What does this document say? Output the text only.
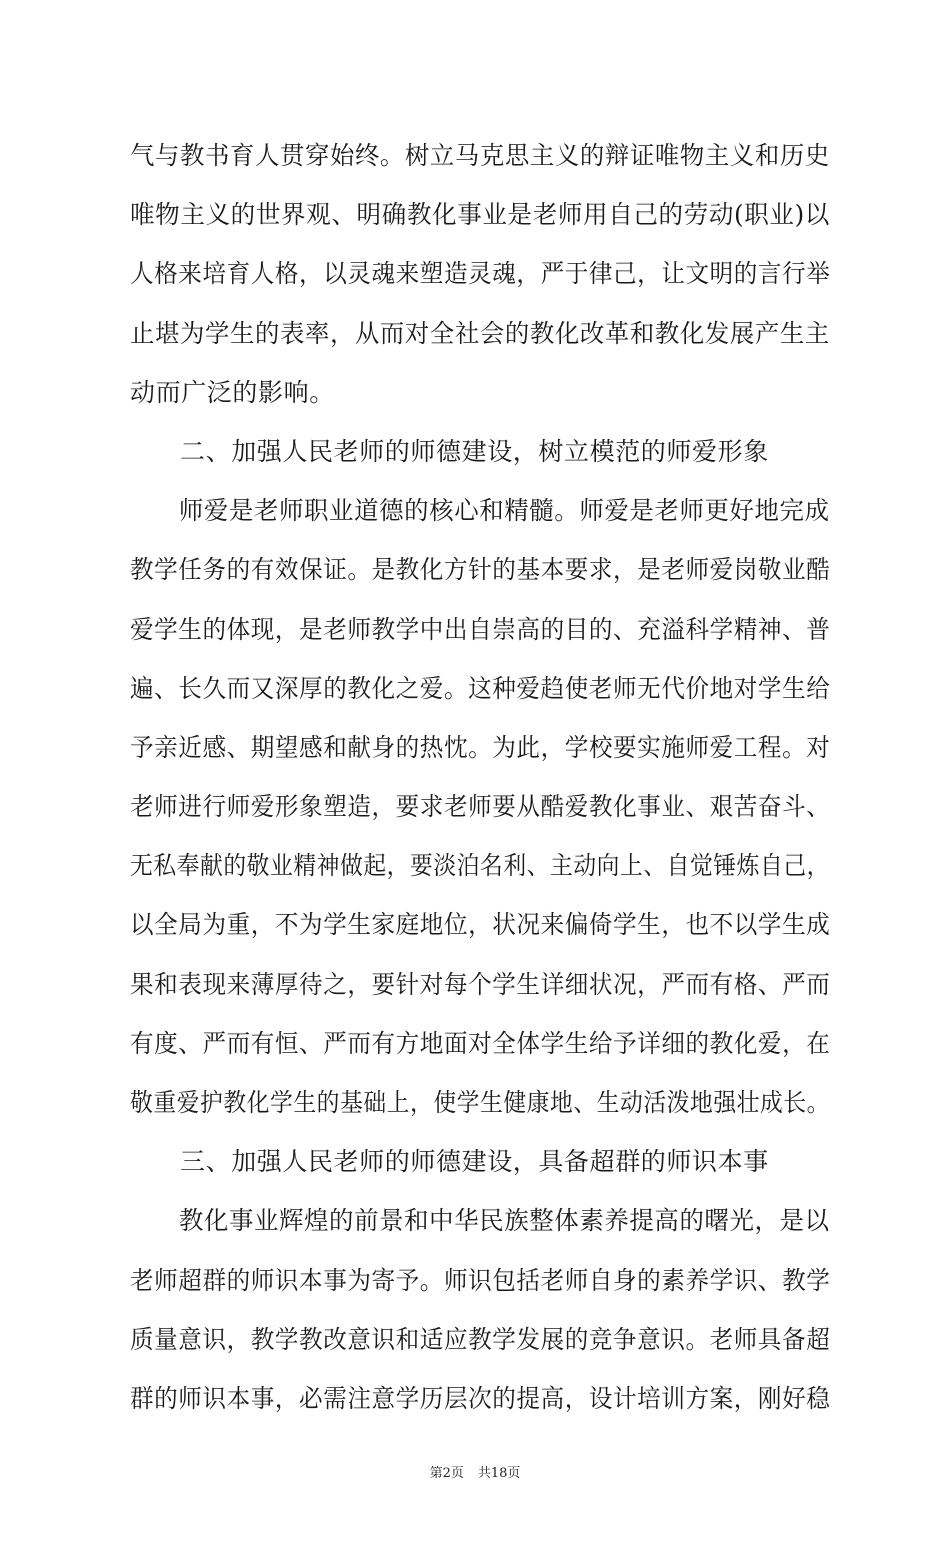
气与教书育人贯穿始终。树立马克思主义的辩证唯物主义和历史
唯物主义的世界观、明确教化事业是老师用自己的劳动(职业)以
人格来培育人格，以灵魂来塑造灵魂，严于律己，让文明的言行举
止堪为学生的表率，从而对全社会的教化改革和教化发展产生主
动而广泛的影响。
二、加强人民老师的师德建设，树立模范的师爱形象
师爱是老师职业道德的核心和精髓。师爱是老师更好地完成
教学任务的有效保证。是教化方针的基本要求，是老师爱岗敬业酷
爱学生的体现，是老师教学中出自崇高的目的、充溢科学精神、普
遍、长久而又深厚的教化之爱。这种爱趋使老师无代价地对学生给
予亲近感、期望感和献身的热忱。为此，学校要实施师爱工程。对
老师进行师爱形象塑造，要求老师要从酷爱教化事业、艰苦奋斗、
无私奉献的敬业精神做起，要淡泊名利、主动向上、自觉锤炼自己，
以全局为重，不为学生家庭地位，状况来偏倚学生，也不以学生成
果和表现来薄厚待之，要针对每个学生详细状况，严而有格、严而
有度、严而有恒、严而有方地面对全体学生给予详细的教化爱，在
敬重爱护教化学生的基础上，使学生健康地、生动活泼地强壮成长。
三、加强人民老师的师德建设，具备超群的师识本事
教化事业辉煌的前景和中华民族整体素养提高的曙光，是以
老师超群的师识本事为寄予。师识包括老师自身的素养学识、教学
质量意识，教学教改意识和适应教学发展的竞争意识。老师具备超
群的师识本事，必需注意学历层次的提高，设计培训方案，刚好稳
第2页 共18页
